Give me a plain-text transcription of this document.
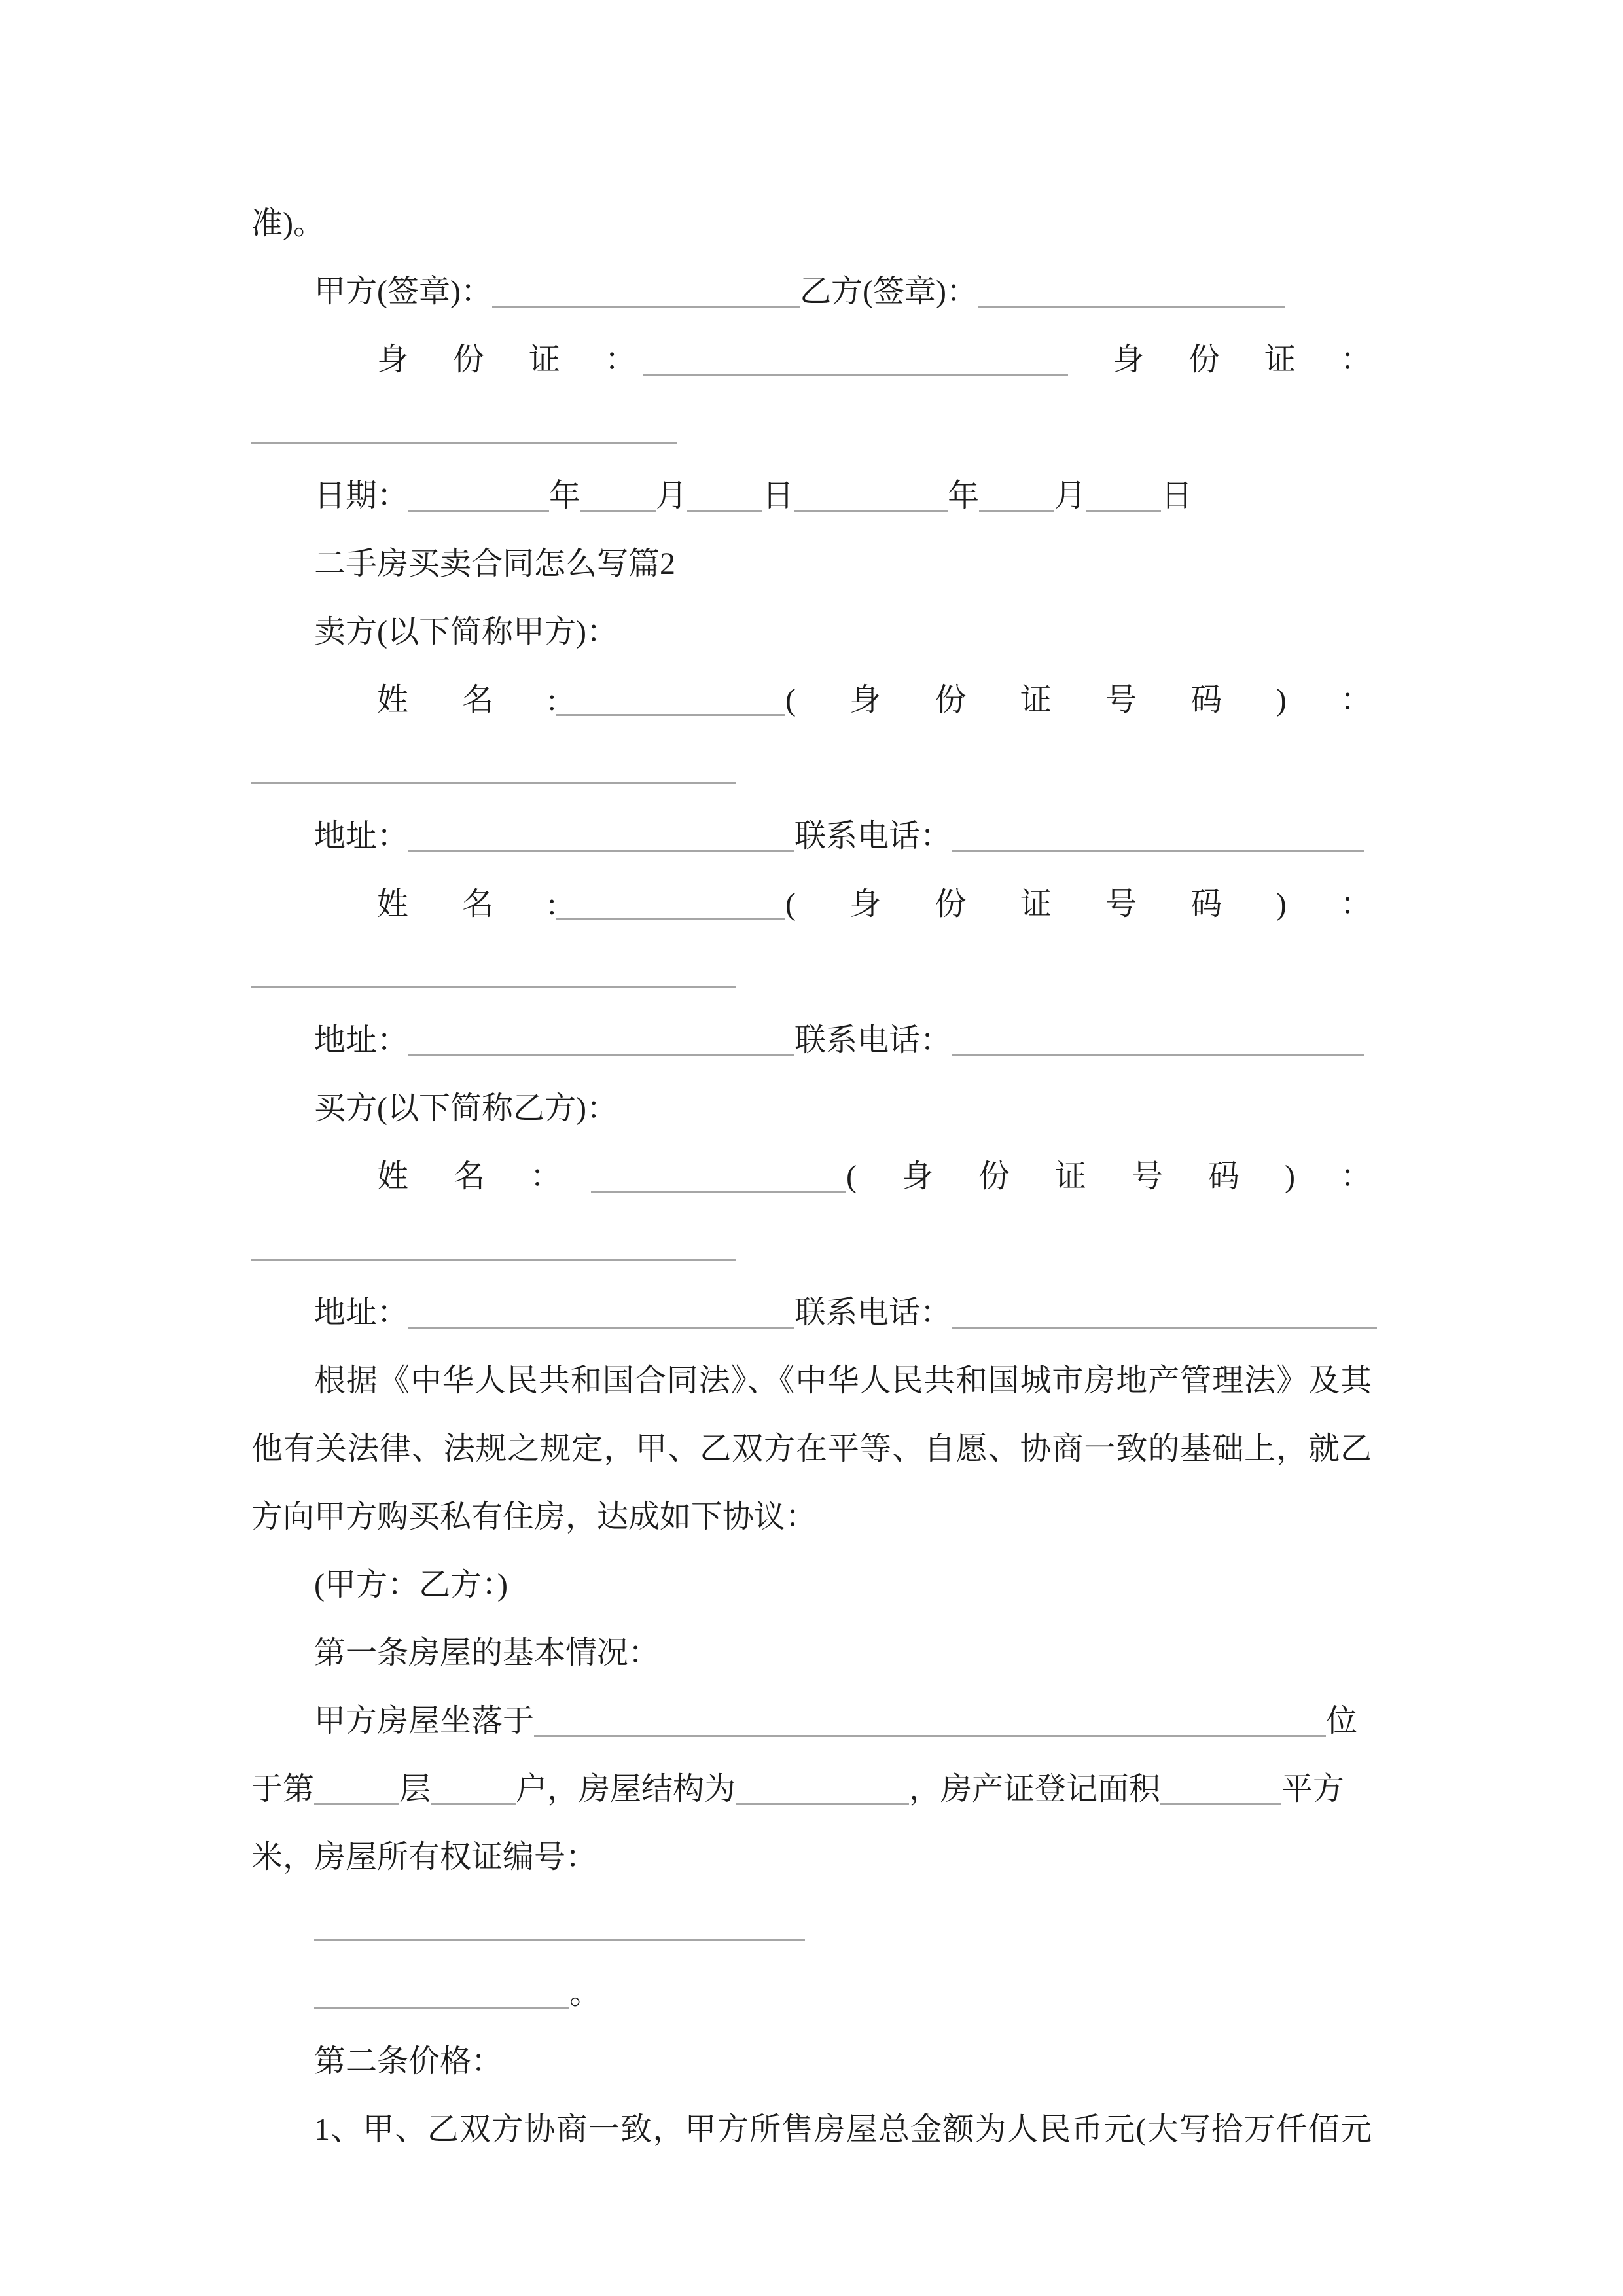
准)。
甲方(签章)：	乙方(签章)：
身　份　证　：	　身　份　证　：
日期：	年 月 日	年 月 日
二手房买卖合同怎么写篇2
卖方(以下简称甲方)：
姓　名　:	(　身　份　证　号　码　)　：
地址：	联系电话：
姓　名　:	(　身　份　证　号　码　)　：
地址：	联系电话：
买方(以下简称乙方)：
姓　名　：　	(　身　份　证　号　码　)　：
地址：	联系电话：
根据《中华人民共和国合同法》、《中华人民共和国城市房地产管理法》及其
他有关法律、法规之规定，甲、乙双方在平等、自愿、协商一致的基础上，就乙
方向甲方购买私有住房，达成如下协议：
(甲方：乙方：)
第一条房屋的基本情况：
甲方房屋坐落于	位
于第	层	户，房屋结构为	，房产证登记面积	平方
米，房屋所有权证编号：
。
第二条价格：
1、甲、乙双方协商一致，甲方所售房屋总金额为人民币元(大写拾万仟佰元
